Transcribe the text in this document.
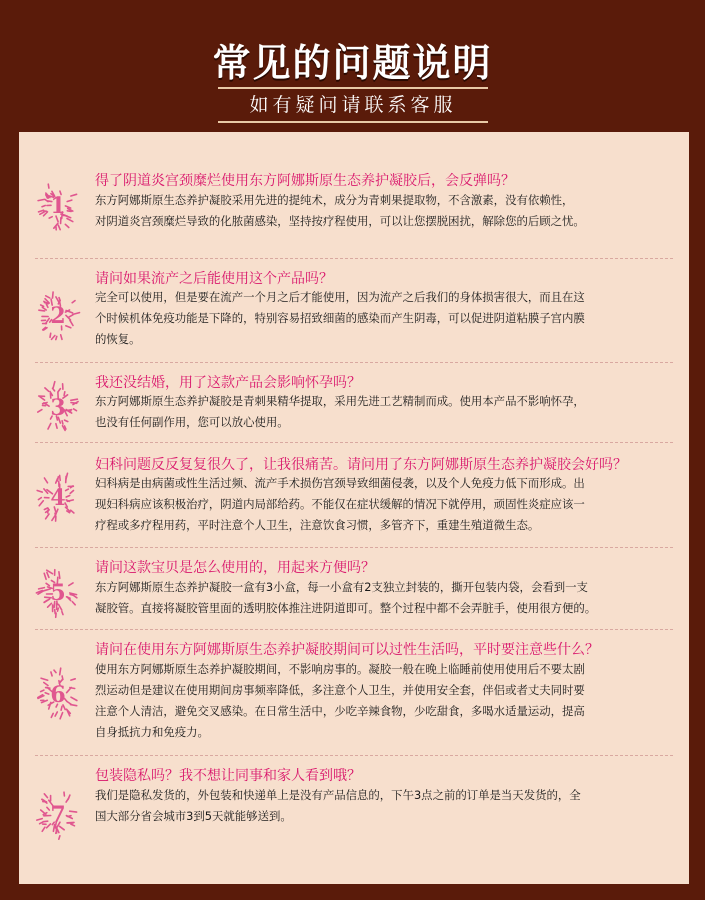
常见的问题说明
如有疑问请联系客服
1
得了阴道炎宫颈糜烂使用东方阿娜斯原生态养护凝胶后，会反弹吗？
东方阿娜斯原生态养护凝胶采用先进的提纯术，成分为青刺果提取物，不含激素，没有依赖性，
对阴道炎宫颈糜烂导致的化脓菌感染，坚持按疗程使用，可以让您摆脱困扰，解除您的后顾之忧。
2
请问如果流产之后能使用这个产品吗？
完全可以使用，但是要在流产一个月之后才能使用，因为流产之后我们的身体损害很大，而且在这
个时候机体免疫功能是下降的，特别容易招致细菌的感染而产生阴毒，可以促进阴道粘膜子宫内膜
的恢复。
3
我还没结婚，用了这款产品会影响怀孕吗？
东方阿娜斯原生态养护凝胶是青刺果精华提取，采用先进工艺精制而成。使用本产品不影响怀孕，
也没有任何副作用，您可以放心使用。
4
妇科问题反反复复很久了，让我很痛苦。请问用了东方阿娜斯原生态养护凝胶会好吗？
妇科病是由病菌或性生活过频、流产手术损伤宫颈导致细菌侵袭，以及个人免疫力低下而形成。出
现妇科病应该积极治疗，阴道内局部给药。不能仅在症状缓解的情况下就停用，顽固性炎症应该一
疗程或多疗程用药，平时注意个人卫生，注意饮食习惯，多管齐下，重建生殖道微生态。
5
请问这款宝贝是怎么使用的，用起来方便吗？
东方阿娜斯原生态养护凝胶一盒有3小盒，每一小盒有2支独立封装的，撕开包装内袋，会看到一支
凝胶管。直接将凝胶管里面的透明胶体推注进阴道即可。整个过程中都不会弄脏手，使用很方便的。
6
请问在使用东方阿娜斯原生态养护凝胶期间可以过性生活吗，平时要注意些什么？
使用东方阿娜斯原生态养护凝胶期间，不影响房事的。凝胶一般在晚上临睡前使用使用后不要太剧
烈运动但是建议在使用期间房事频率降低，多注意个人卫生，并使用安全套，伴侣或者丈夫同时要
注意个人清洁，避免交叉感染。在日常生活中，少吃辛辣食物，少吃甜食，多喝水适量运动，提高
自身抵抗力和免疫力。
7
包装隐私吗？我不想让同事和家人看到哦？
我们是隐私发货的，外包装和快递单上是没有产品信息的，下午3点之前的订单是当天发货的，全
国大部分省会城市3到5天就能够送到。
